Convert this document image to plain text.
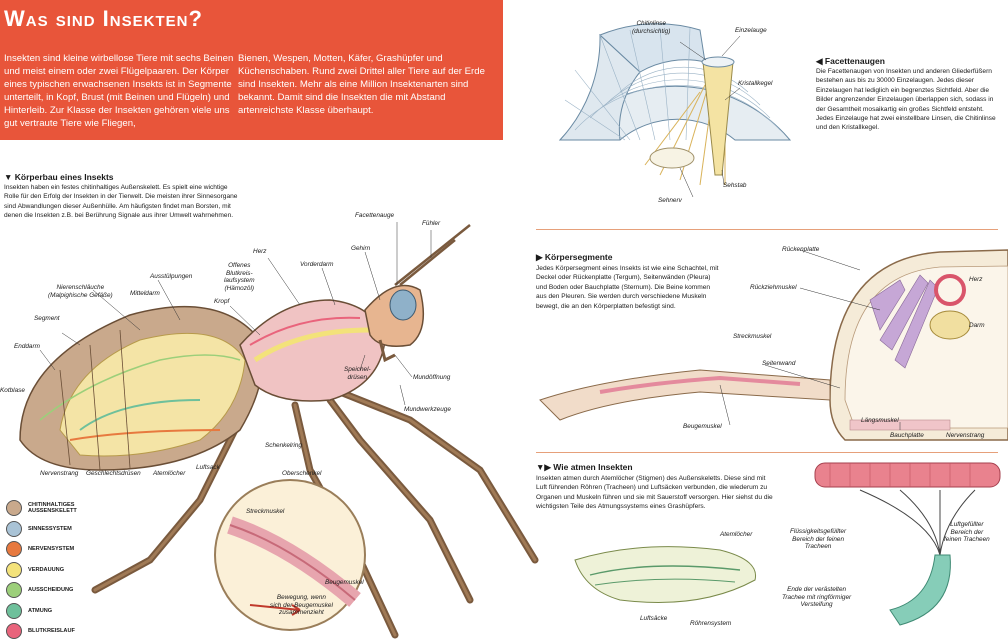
Was sind Insekten?

Insekten sind kleine wirbellose Tiere mit sechs Beinen und meist einem oder zwei Flügelpaaren. Der Körper eines typischen erwachsenen Insekts ist in Segmente unterteilt, in Kopf, Brust (mit Beinen und Flügeln) und Hinterleib. Zur Klasse der Insekten gehören viele uns gut vertraute Tiere wie Fliegen,

Bienen, Wespen, Motten, Käfer, Grashüpfer und Küchenschaben. Rund zwei Drittel aller Tiere auf der Erde sind Insekten. Mehr als eine Million Insektenarten sind bekannt. Damit sind die Insekten die mit Abstand artenreichste Klasse überhaupt.

▼ Körperbau eines Insekts

Insekten haben ein festes chitinhaltiges Außenskelett. Es spielt eine wichtige Rolle für den Erfolg der Insekten in der Tierwelt. Die meisten ihrer Sinnesorgane sind Abwandlungen dieser Außenhülle. Am häufigsten findet man Borsten, mit denen die Insekten z.B. bei Berührung Signale aus ihrer Umwelt wahrnehmen.	Facettenauge
Fühler
Gehirn
Vorderdarm
Herz
Offenes
Blutkreis-
laufsystem
(Hämozöl)
Kropf
Ausstülpungen
Mitteldarm
Nierenschläuche
(Malpighische Gefäße)
Segment
Enddarm
Kotblase
Nervenstrang Geschlechtsdrüsen Atemlöcher
Luftsack
Schenkelring
Oberschenkel
Speichel-
drüsen	Mundöffnung
Mundwerkzeuge
Streckmuskel
Beugemuskel
Bewegung, wenn
sich der Beugemuskel
zusammenzieht
CHITINHALTIGES
AUSSENSKELETT
SINNESSYSTEM
NERVENSYSTEM
VERDAUUNG
AUSSCHEIDUNG
ATMUNG
BLUTKREISLAUF
Chitinlinse
(durchsichtig)	Einzelauge
Kristallkegel
Sehstab
Sehnerv

◀ Facettenaugen

Die Facettenaugen von Insekten und anderen Gliederfüßern bestehen aus bis zu 30000 Einzelaugen. Jedes dieser Einzelaugen hat lediglich ein begrenztes Sichtfeld. Aber die Bilder angrenzender Einzelaugen überlappen sich, sodass in der Gesamtheit mosaikartig ein großes Sichtfeld entsteht. Jedes Einzelauge hat zwei einstellbare Linsen, die Chitinlinse und den Kristallkegel.

▶ Körpersegmente

Jedes Körpersegment eines Insekts ist wie eine Schachtel, mit Deckel oder Rückenplatte (Tergum), Seitenwänden (Pleura) und Boden oder Bauchplatte (Sternum). Die Beine kommen aus den Pleuren. Sie werden durch verschiedene Muskeln bewegt, die an den Körperplatten befestigt sind.

Rückenplatte
Rückziehmuskel
Herz
Darm
Streckmuskel
Seitenwand
Beugemuskel
Längsmuskel
Bauchplatte	Nervenstrang

▼▶ Wie atmen Insekten

Insekten atmen durch Atemlöcher (Stigmen) des Außenskeletts. Diese sind mit Luft führenden Röhren (Tracheen) und Luftsäcken verbunden, die wiederum zu Organen und Muskeln führen und sie mit Sauerstoff versorgen. Hier siehst du die wichtigsten Teile des Atmungssystems eines Grashüpfers.

Atemlöcher
Luftsäcke
Röhrensystem
Flüssigkeitsgefüllter
Bereich der feinen
Tracheen
Luftgefüllter
Bereich der
feinen Tracheen
Ende der verästelten
Trachee mit ringförmiger
Versteifung
